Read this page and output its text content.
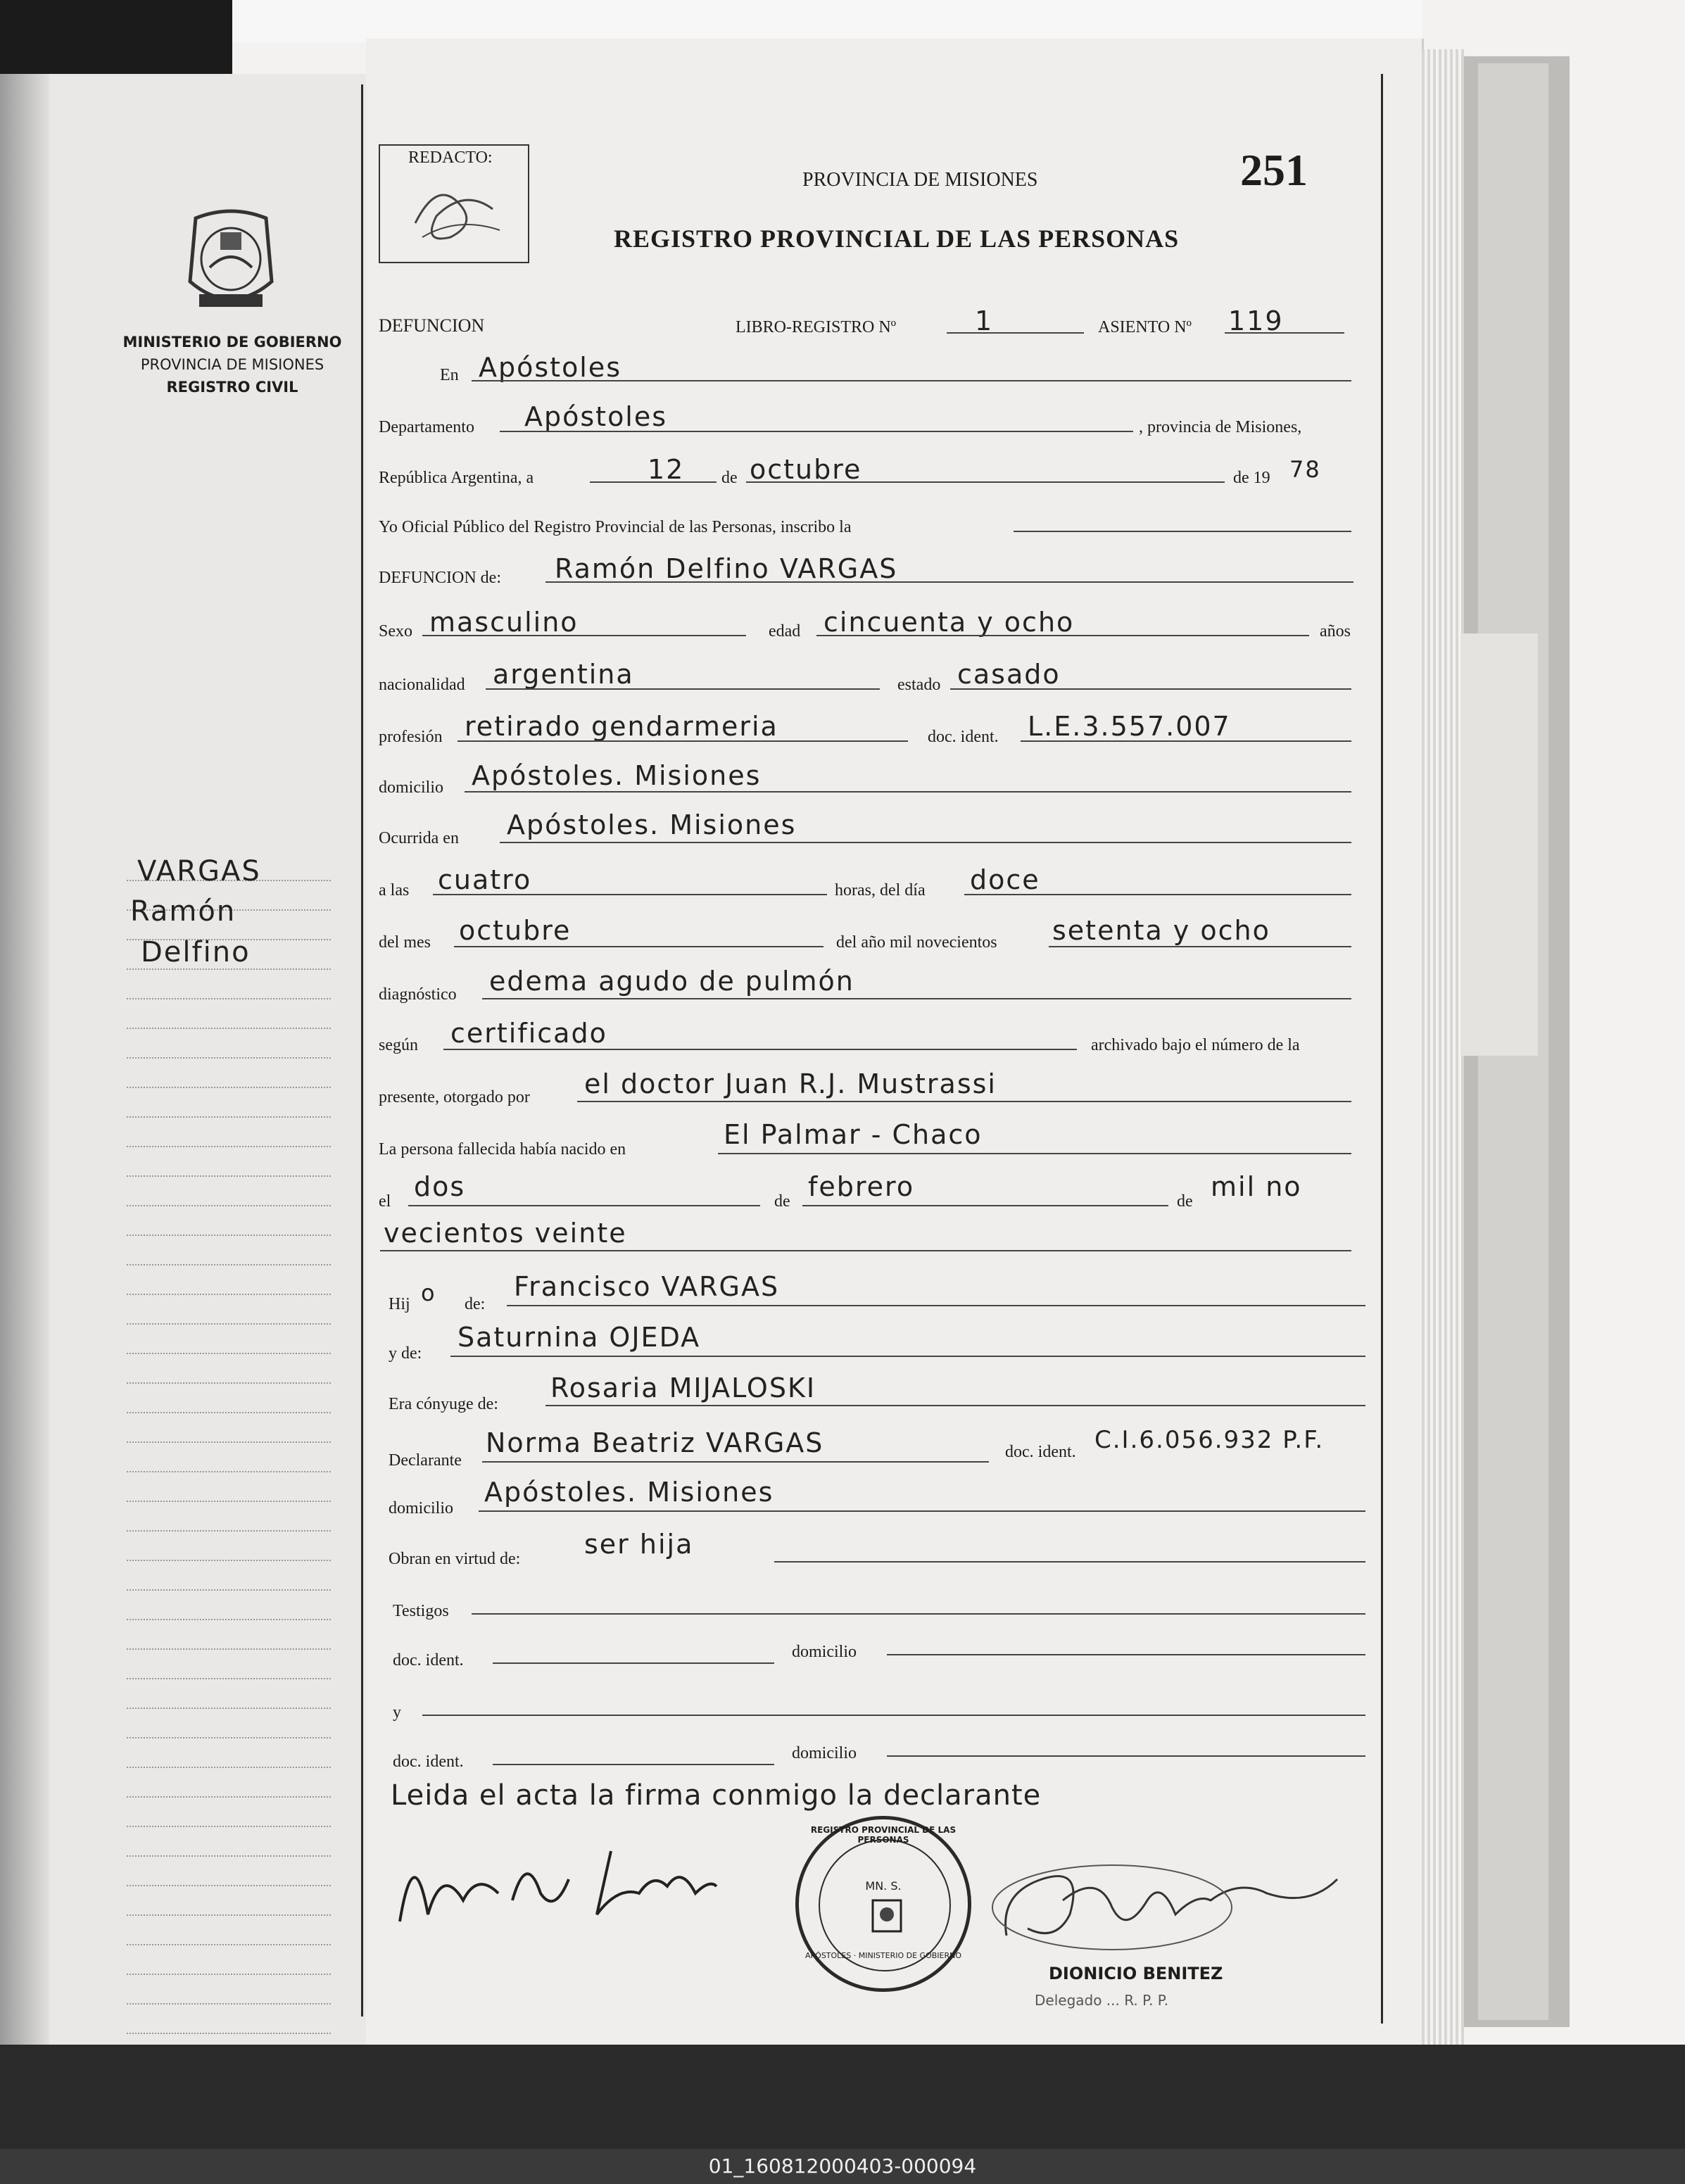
01_160812000403-000094
MINISTERIO DE GOBIERNO
PROVINCIA DE MISIONES
REGISTRO CIVIL
VARGAS
Ramón
Delfino
REDACTO:
PROVINCIA DE MISIONES
REGISTRO PROVINCIAL DE LAS PERSONAS
251
DEFUNCION	LIBRO-REGISTRO Nº	1	ASIENTO Nº 119
En Apóstoles
Departamento Apóstoles	, provincia de Misiones,
República Argentina, a	12 de octubre	de 19 78
Yo Oficial Público del Registro Provincial de las Personas, inscribo la
DEFUNCION de: Ramón Delfino VARGAS
Sexo masculino	edad cincuenta y ocho	años
nacionalidad argentina	estado casado
profesión retirado gendarmeria	doc. ident. L.E.3.557.007
domicilio Apóstoles. Misiones
Ocurrida en Apóstoles. Misiones
a las cuatro	horas, del día doce
del mes octubre	del año mil novecientos setenta y ocho
diagnóstico edema agudo de pulmón
según certificado	archivado bajo el número de la
presente, otorgado por el doctor Juan R.J. Mustrassi
La persona fallecida había nacido en	El Palmar - Chaco
el dos	de febrero	de mil no
vecientos veinte
Hij o de:
Francisco VARGAS
y de:
Saturnina OJEDA
Era cónyuge de:
Rosaria MIJALOSKI
Declarante
Norma Beatriz VARGAS	doc. ident. C.I.6.056.932 P.F.
domicilio
Apóstoles. Misiones
Obran en virtud de: ser hija
Testigos
doc. ident.	domicilio
y
doc. ident.	domicilio
Leida el acta la firma conmigo la declarante
REGISTRO PROVINCIAL DE LAS PERSONAS
MN. S.
APÓSTOLES · MINISTERIO DE GOBIERNO
DIONICIO BENITEZ
Delegado ... R. P. P.
